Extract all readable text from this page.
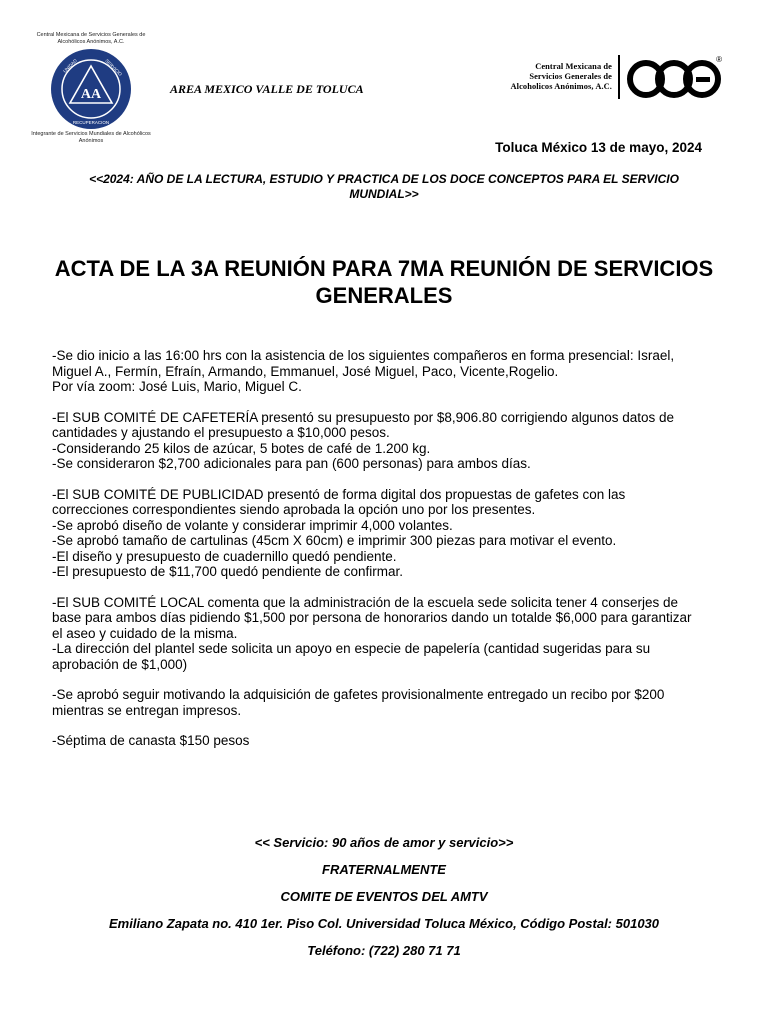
Central Mexicana de Servicios Generales de Alcohólicos Anónimos, A.C.
AA
UNIDAD	SERVICIO
RECUPERACION
Integrante de Servicios Mundiales de Alcohólicos Anónimos
AREA MEXICO VALLE DE TOLUCA
Central Mexicana de
Servicios Generales de
Alcoholicos Anónimos, A.C.
®
Toluca México 13 de mayo, 2024
<<2024: AÑO DE LA LECTURA, ESTUDIO Y PRACTICA DE LOS DOCE CONCEPTOS PARA EL SERVICIO MUNDIAL>>
ACTA DE LA 3A REUNIÓN PARA 7MA REUNIÓN DE SERVICIOS GENERALES

-Se dio inicio a las 16:00 hrs con la asistencia de los siguientes compañeros en forma presencial: Israel,
Miguel A., Fermín, Efraín, Armando, Emmanuel, José Miguel, Paco, Vicente,Rogelio.
Por vía zoom: José Luis, Mario, Miguel C.

-El SUB COMITÉ DE CAFETERÍA presentó su presupuesto por $8,906.80 corrigiendo algunos datos de
cantidades y ajustando el presupuesto a $10,000 pesos.
-Considerando 25 kilos de azúcar, 5 botes de café de 1.200 kg.
-Se consideraron $2,700 adicionales para pan (600 personas) para ambos días.

-El SUB COMITÉ DE PUBLICIDAD presentó de forma digital dos propuestas de gafetes con las
correcciones correspondientes siendo aprobada la opción uno por los presentes.
-Se aprobó diseño de volante y considerar imprimir 4,000 volantes.
-Se aprobó tamaño de cartulinas (45cm X 60cm) e imprimir 300 piezas para motivar el evento.
-El diseño y presupuesto de cuadernillo quedó pendiente.
-El presupuesto de $11,700 quedó pendiente de confirmar.

-El SUB COMITÉ LOCAL comenta que la administración de la escuela sede solicita tener 4 conserjes de
base para ambos días pidiendo $1,500 por persona de honorarios dando un totalde $6,000 para garantizar
el aseo y cuidado de la misma.
-La dirección del plantel sede solicita un apoyo en especie de papelería (cantidad sugeridas para su
aprobación de $1,000)

-Se aprobó seguir motivando la adquisición de gafetes provisionalmente entregado un recibo por $200
mientras se entregan impresos.

-Séptima de canasta $150 pesos

<< Servicio: 90 años de amor y servicio>>
FRATERNALMENTE
COMITE DE EVENTOS DEL AMTV
Emiliano Zapata no. 410 1er. Piso Col. Universidad Toluca México, Código Postal: 501030
Teléfono: (722) 280 71 71
